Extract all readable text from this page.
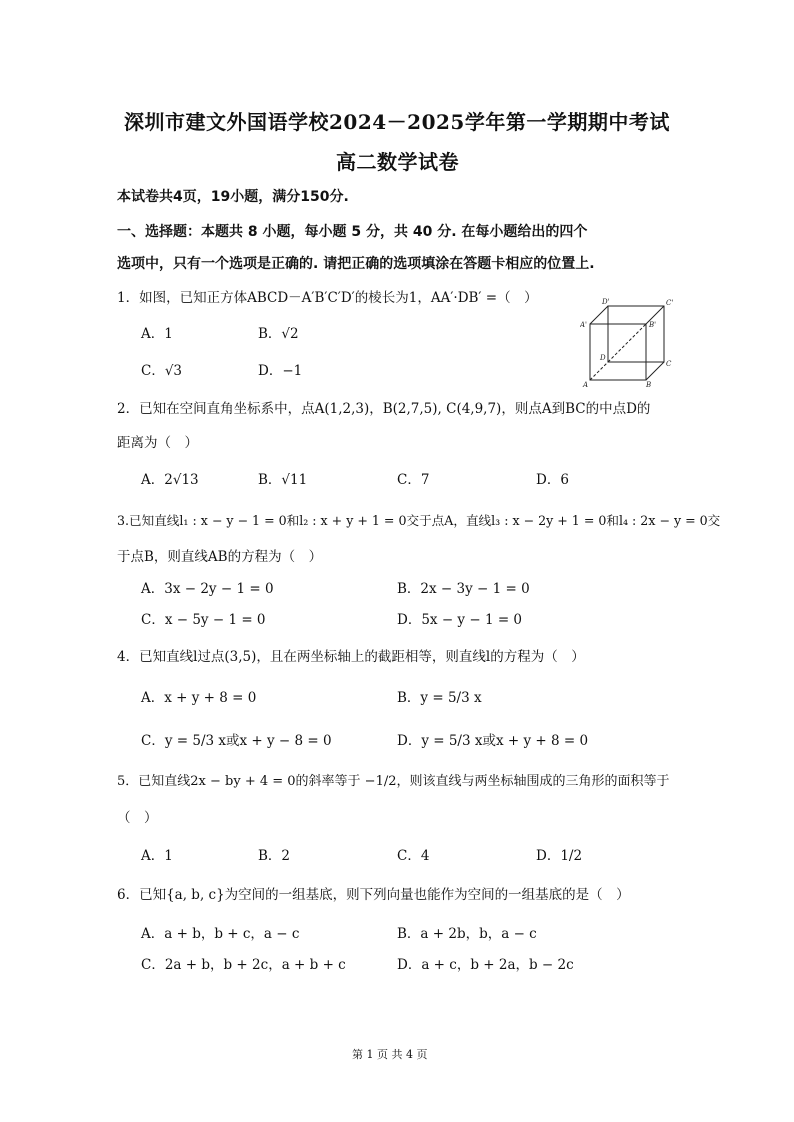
深圳市建文外国语学校2024－2025学年第一学期期中考试
高二数学试卷
本试卷共4页，19小题，满分150分.
一、选择题：本题共 8 小题，每小题 5 分，共 40 分. 在每小题给出的四个
选项中，只有一个选项是正确的. 请把正确的选项填涂在答题卡相应的位置上.
1．如图，已知正方体ABCD－A′B′C′D′的棱长为1，AA′·DB′ =（　）
A．1	B．√2
C．√3	D．−1
D'	C'
A'	B'
D
C
A	B
2．已知在空间直角坐标系中，点A(1,2,3)，B(2,7,5), C(4,9,7)，则点A到BC的中点D的
距离为（　）
A．2√13	B．√11	C．7	D．6
3.已知直线l₁ : x − y − 1 = 0和l₂ : x + y + 1 = 0交于点A，直线l₃ : x − 2y + 1 = 0和l₄ : 2x − y = 0交
于点B，则直线AB的方程为（　）
A．3x − 2y − 1 = 0	B．2x − 3y − 1 = 0
C．x − 5y − 1 = 0	D．5x − y − 1 = 0
4．已知直线l过点(3,5)，且在两坐标轴上的截距相等，则直线l的方程为（　）
A．x + y + 8 = 0	B．y = 5/3 x
C．y = 5/3 x或x + y − 8 = 0	D．y = 5/3 x或x + y + 8 = 0
5．已知直线2x − by + 4 = 0的斜率等于 −1/2，则该直线与两坐标轴围成的三角形的面积等于
（　）
A．1	B．2	C．4	D．1/2
6．已知{a, b, c}为空间的一组基底，则下列向量也能作为空间的一组基底的是（　）
A．a + b，b + c，a − c	B．a + 2b，b，a − c
C．2a + b，b + 2c，a + b + c	D．a + c，b + 2a，b − 2c
第 1 页 共 4 页
